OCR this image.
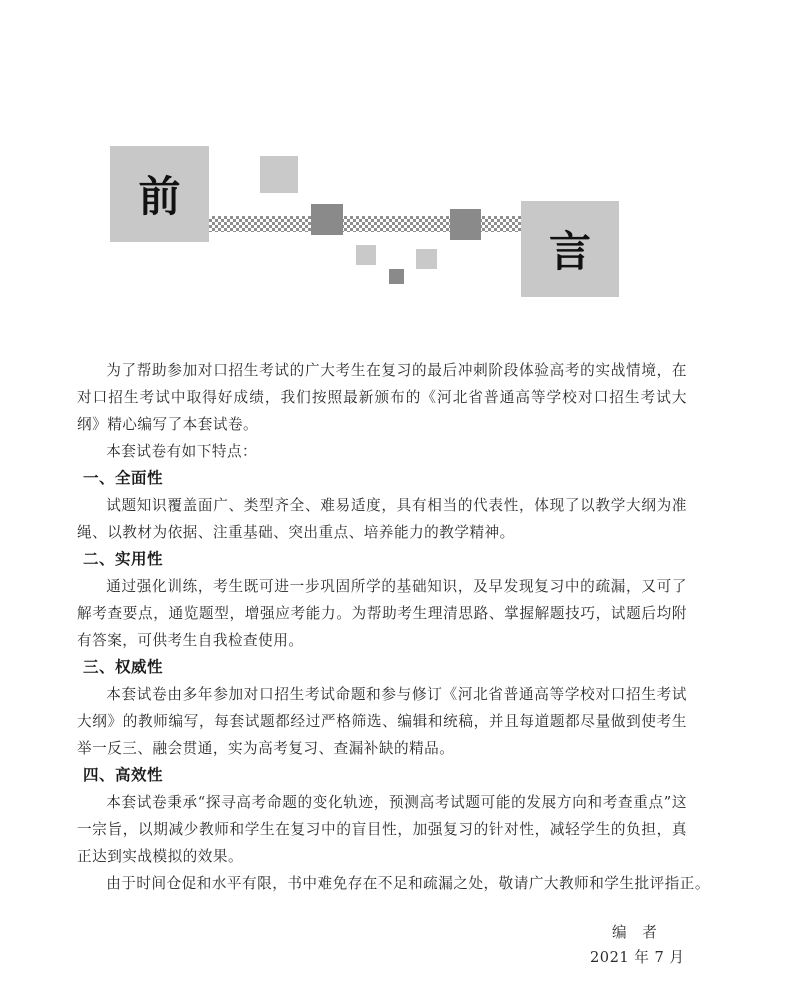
前
言

为了帮助参加对口招生考试的广大考生在复习的最后冲刺阶段体验高考的实战情境，在对口招生考试中取得好成绩，我们按照最新颁布的《河北省普通高等学校对口招生考试大纲》精心编写了本套试卷。

本套试卷有如下特点：

一、全面性

试题知识覆盖面广、类型齐全、难易适度，具有相当的代表性，体现了以教学大纲为准绳、以教材为依据、注重基础、突出重点、培养能力的教学精神。

二、实用性

通过强化训练，考生既可进一步巩固所学的基础知识，及早发现复习中的疏漏，又可了解考查要点，通览题型，增强应考能力。为帮助考生理清思路、掌握解题技巧，试题后均附有答案，可供考生自我检查使用。

三、权威性

本套试卷由多年参加对口招生考试命题和参与修订《河北省普通高等学校对口招生考试大纲》的教师编写，每套试题都经过严格筛选、编辑和统稿，并且每道题都尽量做到使考生举一反三、融会贯通，实为高考复习、查漏补缺的精品。

四、高效性

本套试卷秉承“探寻高考命题的变化轨迹，预测高考试题可能的发展方向和考查重点”这一宗旨，以期减少教师和学生在复习中的盲目性，加强复习的针对性，减轻学生的负担，真正达到实战模拟的效果。

由于时间仓促和水平有限，书中难免存在不足和疏漏之处，敬请广大教师和学生批评指正。

编　者
2021 年 7 月
